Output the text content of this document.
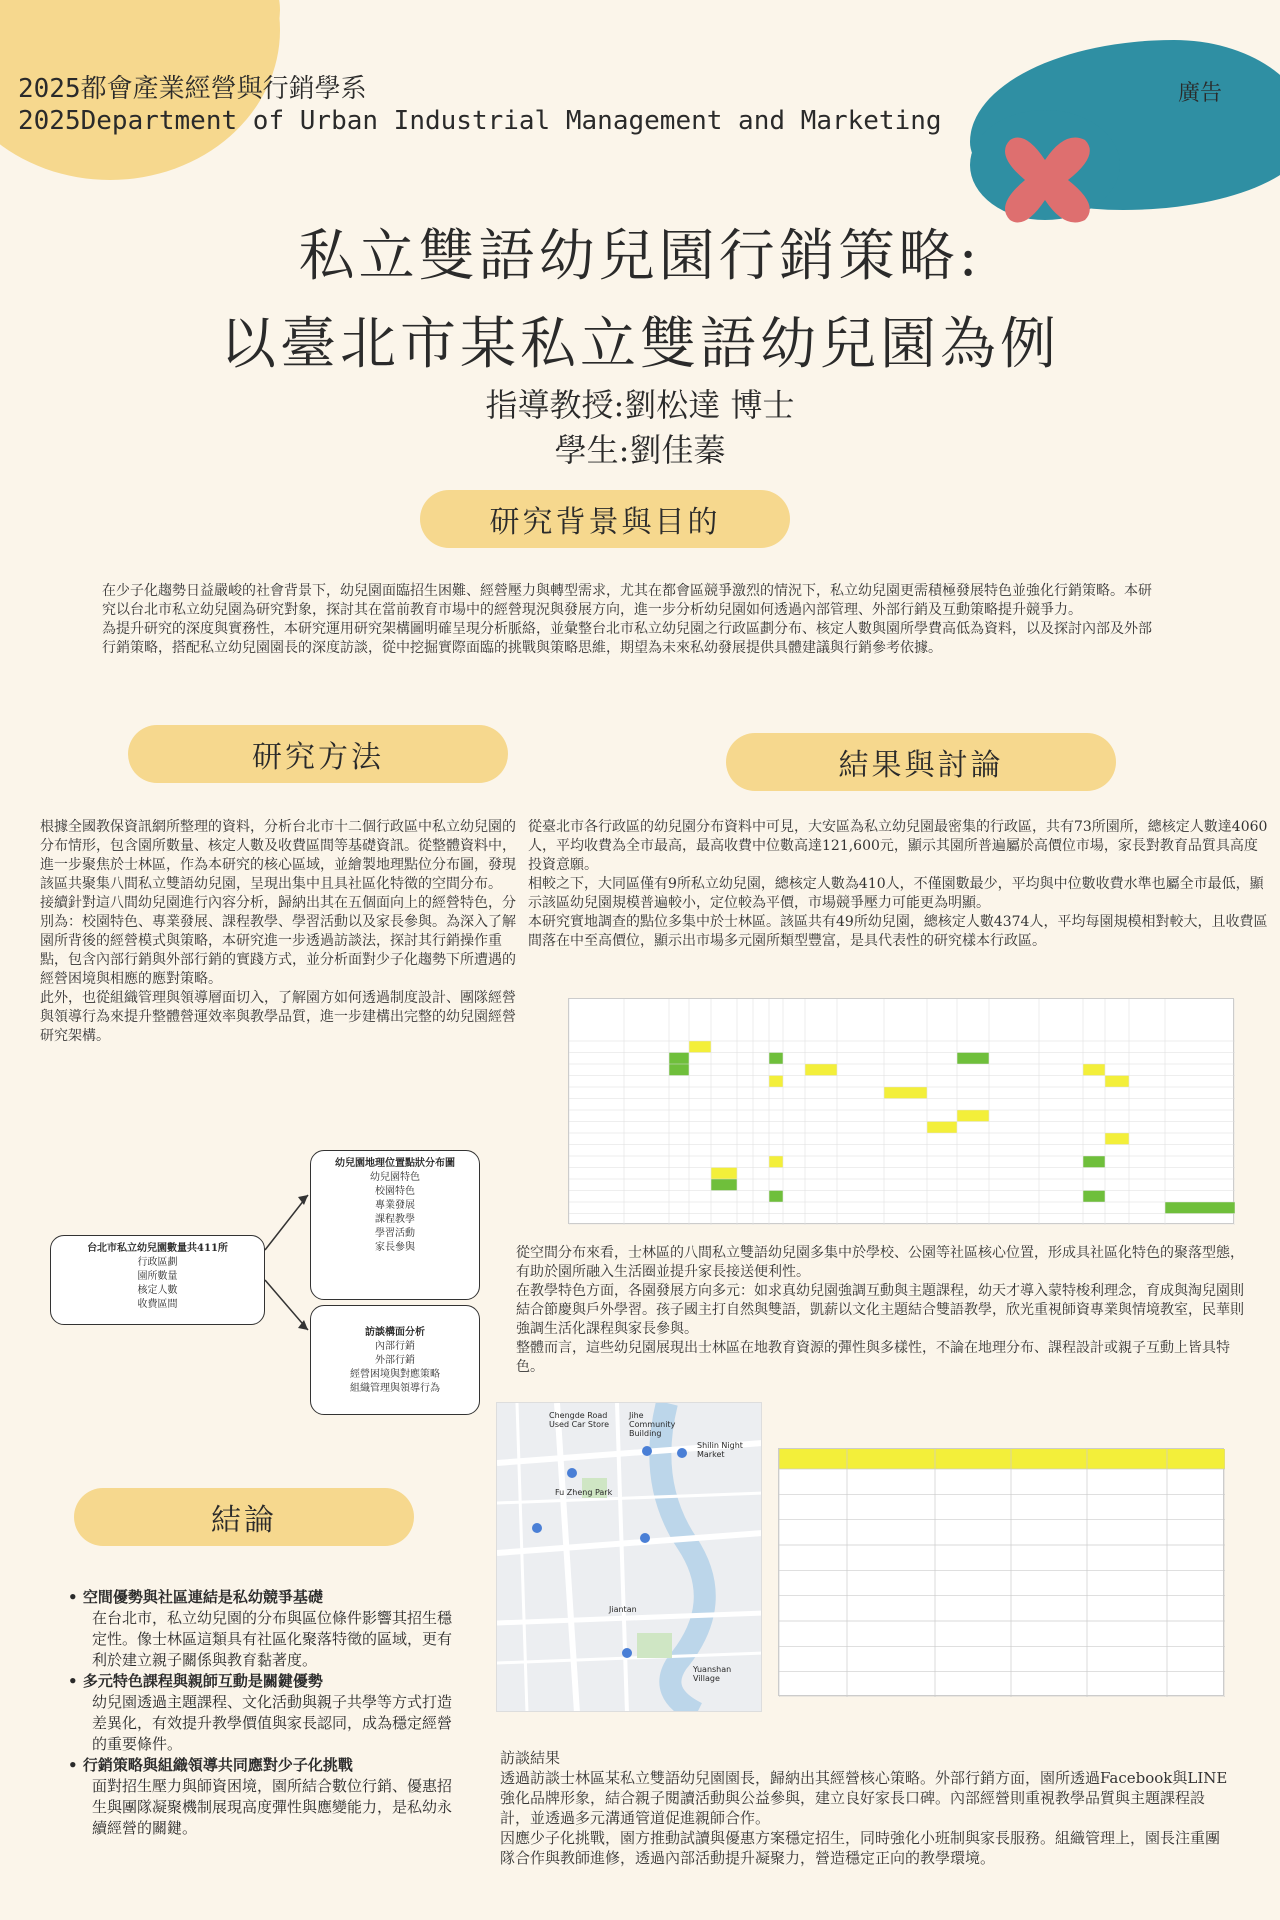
2025都會產業經營與行銷學系
2025Department of Urban Industrial Management and Marketing
廣告
私立雙語幼兒園行銷策略:
以臺北市某私立雙語幼兒園為例
指導教授:劉松達 博士
學生:劉佳蓁
研究背景與目的

在少子化趨勢日益嚴峻的社會背景下，幼兒園面臨招生困難、經營壓力與轉型需求，尤其在都會區競爭激烈的情況下，私立幼兒園更需積極發展特色並強化行銷策略。本研究以台北市私立幼兒園為研究對象，探討其在當前教育市場中的經營現況與發展方向，進一步分析幼兒園如何透過內部管理、外部行銷及互動策略提升競爭力。

為提升研究的深度與實務性，本研究運用研究架構圖明確呈現分析脈絡，並彙整台北市私立幼兒園之行政區劃分布、核定人數與園所學費高低為資料，以及探討內部及外部行銷策略，搭配私立幼兒園園長的深度訪談，從中挖掘實際面臨的挑戰與策略思維，期望為未來私幼發展提供具體建議與行銷參考依據。

研究方法

根據全國教保資訊網所整理的資料，分析台北市十二個行政區中私立幼兒園的分布情形，包含園所數量、核定人數及收費區間等基礎資訊。從整體資料中，進一步聚焦於士林區，作為本研究的核心區域，並繪製地理點位分布圖，發現該區共聚集八間私立雙語幼兒園，呈現出集中且具社區化特徵的空間分布。

接續針對這八間幼兒園進行內容分析，歸納出其在五個面向上的經營特色，分別為：校園特色、專業發展、課程教學、學習活動以及家長參與。為深入了解園所背後的經營模式與策略，本研究進一步透過訪談法，探討其行銷操作重點，包含內部行銷與外部行銷的實踐方式，並分析面對少子化趨勢下所遭遇的經營困境與相應的應對策略。

此外，也從組織管理與領導層面切入，了解園方如何透過制度設計、團隊經營與領導行為來提升整體營運效率與教學品質，進一步建構出完整的幼兒園經營研究架構。

台北市私立幼兒園數量共411所
行政區劃
園所數量
核定人數
收費區間
幼兒園地理位置點狀分布圖
幼兒園特色
校園特色
專業發展
課程教學
學習活動
家長參與
訪談構面分析
內部行銷
外部行銷
經營困境與對應策略
組織管理與領導行為
結果與討論

從臺北市各行政區的幼兒園分布資料中可見，大安區為私立幼兒園最密集的行政區，共有73所園所，總核定人數達4060人，平均收費為全市最高，最高收費中位數高達121,600元，顯示其園所普遍屬於高價位市場，家長對教育品質具高度投資意願。

相較之下，大同區僅有9所私立幼兒園，總核定人數為410人，不僅園數最少，平均與中位數收費水準也屬全市最低，顯示該區幼兒園規模普遍較小，定位較為平價，市場競爭壓力可能更為明顯。

本研究實地調查的點位多集中於士林區。該區共有49所幼兒園，總核定人數4374人，平均每園規模相對較大，且收費區間落在中至高價位，顯示出市場多元園所類型豐富，是具代表性的研究樣本行政區。

從空間分布來看，士林區的八間私立雙語幼兒園多集中於學校、公園等社區核心位置，形成具社區化特色的聚落型態，有助於園所融入生活圈並提升家長接送便利性。

在教學特色方面，各園發展方向多元：如求真幼兒園強調互動與主題課程，幼天才導入蒙特梭利理念，育成與淘兒園則結合節慶與戶外學習。孩子國主打自然與雙語，凱薪以文化主題結合雙語教學，欣光重視師資專業與情境教室，民華則強調生活化課程與家長參與。

整體而言，這些幼兒園展現出士林區在地教育資源的彈性與多樣性，不論在地理分布、課程設計或親子互動上皆具特色。

Chengde Road Used Car Store
Jihe Community Building
Shilin Night Market
Fu Zheng Park
Jiantan
Yuanshan Village
結論
• 空間優勢與社區連結是私幼競爭基礎
在台北市，私立幼兒園的分布與區位條件影響其招生穩定性。像士林區這類具有社區化聚落特徵的區域，更有利於建立親子關係與教育黏著度。
• 多元特色課程與親師互動是關鍵優勢
幼兒園透過主題課程、文化活動與親子共學等方式打造差異化，有效提升教學價值與家長認同，成為穩定經營的重要條件。
• 行銷策略與組織領導共同應對少子化挑戰
面對招生壓力與師資困境，園所結合數位行銷、優惠招生與團隊凝聚機制展現高度彈性與應變能力，是私幼永續經營的關鍵。

訪談結果

透過訪談士林區某私立雙語幼兒園園長，歸納出其經營核心策略。外部行銷方面，園所透過Facebook與LINE強化品牌形象，結合親子閱讀活動與公益參與，建立良好家長口碑。內部經營則重視教學品質與主題課程設計，並透過多元溝通管道促進親師合作。

因應少子化挑戰，園方推動試讀與優惠方案穩定招生，同時強化小班制與家長服務。組織管理上，園長注重團隊合作與教師進修，透過內部活動提升凝聚力，營造穩定正向的教學環境。
